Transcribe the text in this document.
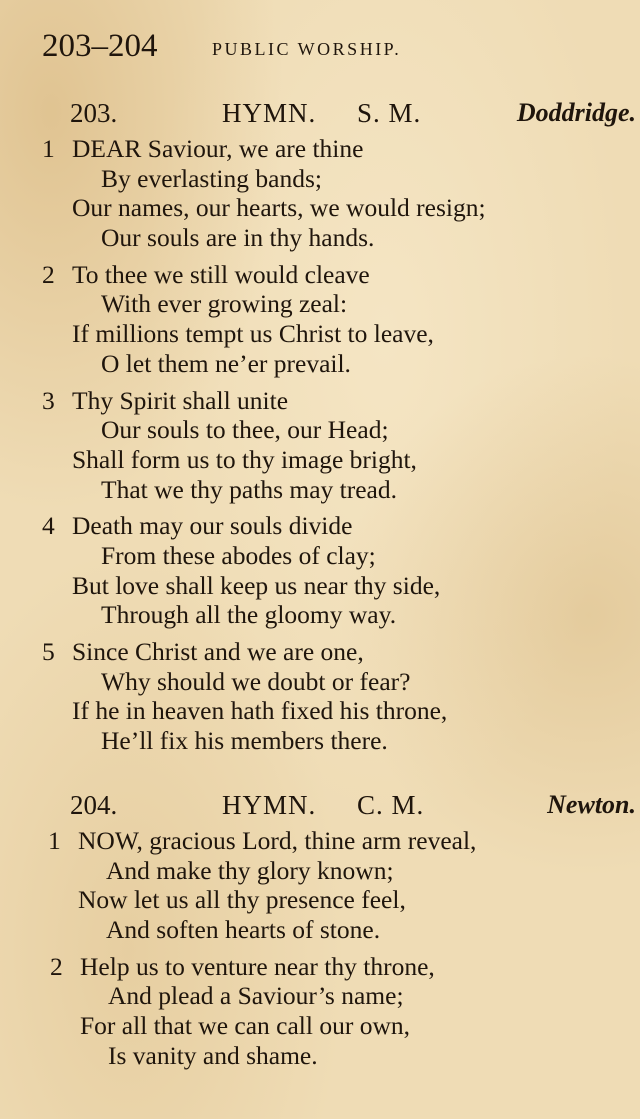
203–204	PUBLIC WORSHIP.
203.	HYMN. S. M.	Doddridge.
1 DEAR Saviour, we are thine
By everlasting bands;
Our names, our hearts, we would resign;
Our souls are in thy hands.
2 To thee we still would cleave
With ever growing zeal:
If millions tempt us Christ to leave,
O let them ne’er prevail.
3 Thy Spirit shall unite
Our souls to thee, our Head;
Shall form us to thy image bright,
That we thy paths may tread.
4 Death may our souls divide
From these abodes of clay;
But love shall keep us near thy side,
Through all the gloomy way.
5 Since Christ and we are one,
Why should we doubt or fear?
If he in heaven hath fixed his throne,
He’ll fix his members there.
204.	HYMN. C. M.	Newton.
1 NOW, gracious Lord, thine arm reveal,
And make thy glory known;
Now let us all thy presence feel,
And soften hearts of stone.
2 Help us to venture near thy throne,
And plead a Saviour’s name;
For all that we can call our own,
Is vanity and shame.
